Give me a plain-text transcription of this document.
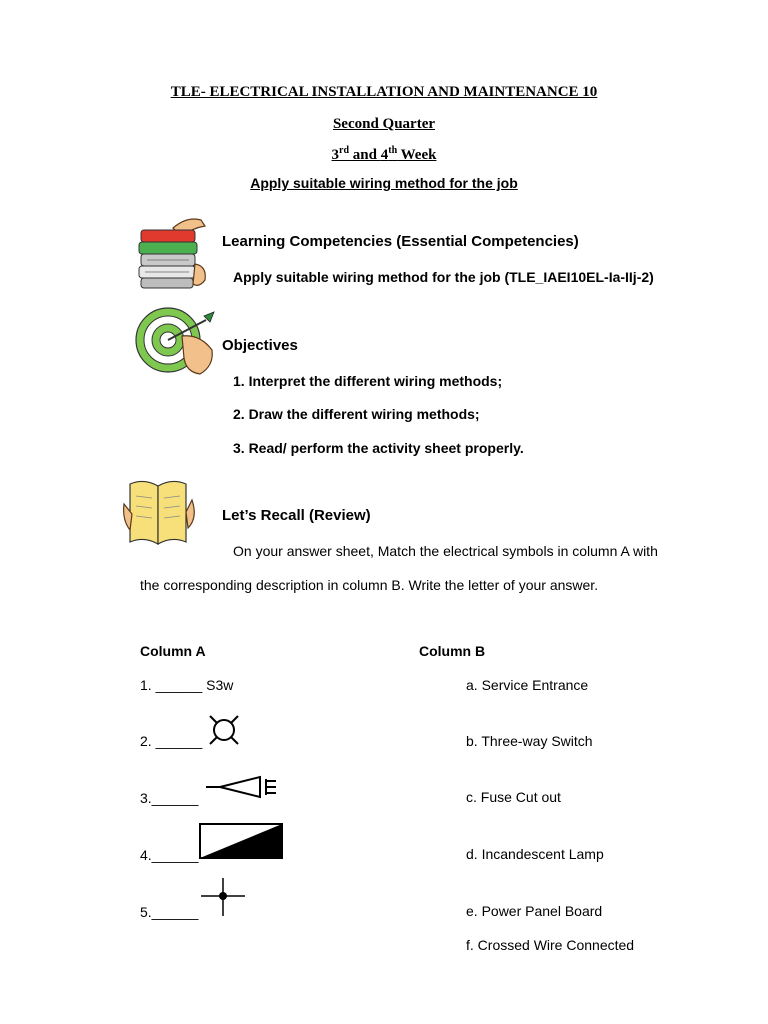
TLE- ELECTRICAL INSTALLATION AND MAINTENANCE 10
Second Quarter
3rd and 4th Week
Apply suitable wiring method for the job
Learning Competencies (Essential Competencies)
Apply suitable wiring method for the job (TLE_IAEI10EL-Ia-IIj-2)
Objectives
1. Interpret the different wiring methods;
2. Draw the different wiring methods;
3. Read/ perform the activity sheet properly.
Let’s Recall (Review)
On your answer sheet, Match the electrical symbols in column A with
the corresponding description in column B. Write the letter of your answer.
Column A	Column B
1. ______ S3w
2. ______
3.______
4.______
5.______
a. Service Entrance
b. Three-way Switch
c. Fuse Cut out
d. Incandescent Lamp
e. Power Panel Board
f. Crossed Wire Connected
